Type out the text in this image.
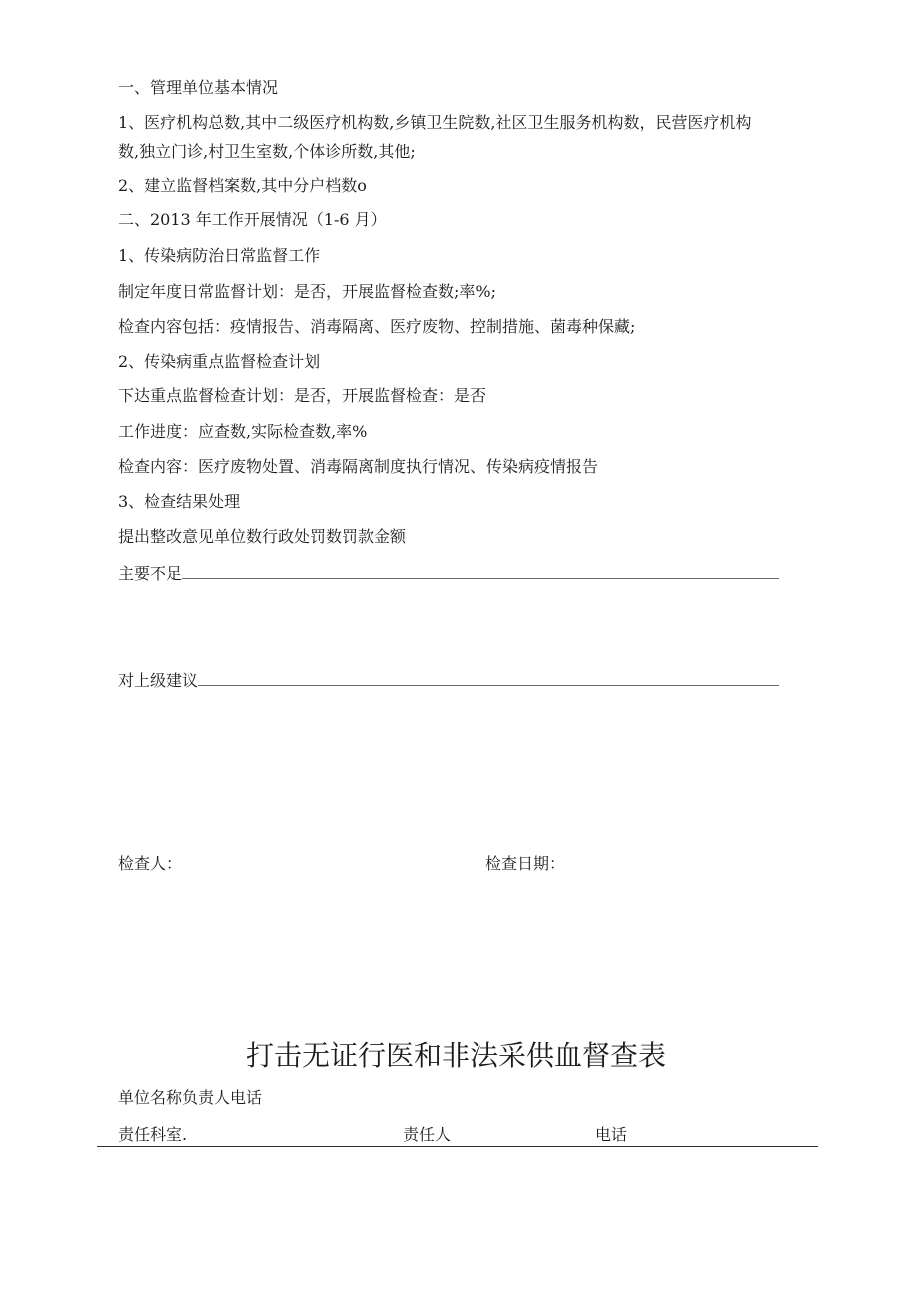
一、管理单位基本情况
1、医疗机构总数,其中二级医疗机构数,乡镇卫生院数,社区卫生服务机构数，民营医疗机构
数,独立门诊,村卫生室数,个体诊所数,其他;
2、建立监督档案数,其中分户档数o
二、2013 年工作开展情况（1-6 月）
1、传染病防治日常监督工作
制定年度日常监督计划：是否，开展监督检查数;率%;
检查内容包括：疫情报告、消毒隔离、医疗废物、控制措施、菌毒种保藏;
2、传染病重点监督检查计划
下达重点监督检查计划：是否，开展监督检查：是否
工作进度：应查数,实际检查数,率%
检查内容：医疗废物处置、消毒隔离制度执行情况、传染病疫情报告
3、检查结果处理
提出整改意见单位数行政处罚数罚款金额
主要不足
对上级建议
检查人：	检查日期：
打击无证行医和非法采供血督查表
单位名称负责人电话
责任科室.	责任人	电话
